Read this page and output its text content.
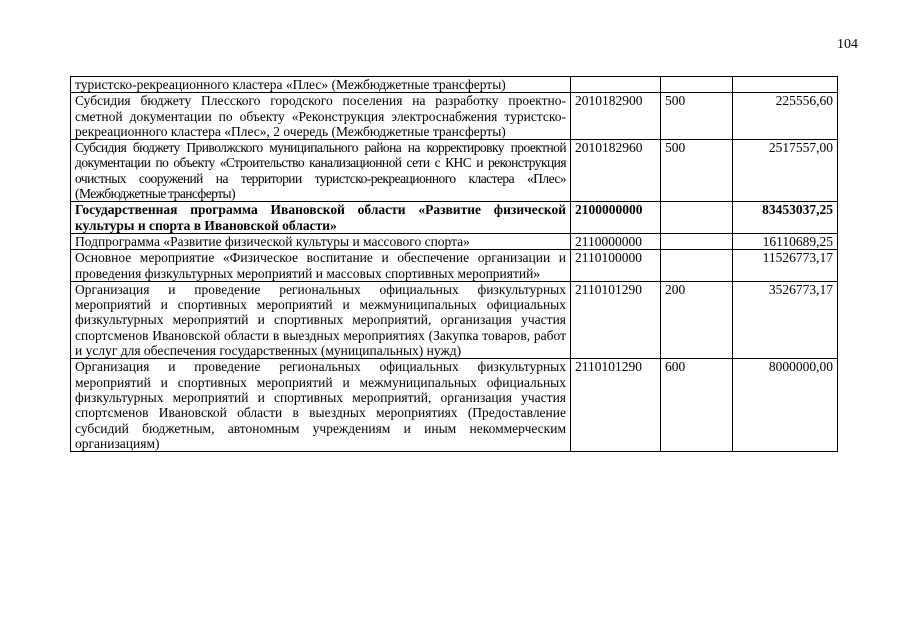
104
туристско-рекреационного кластера «Плес» (Межбюджетные трансферты)			
Субсидия бюджету Плесского городского поселения на разработку проектно-сметной документации по объекту «Реконструкция электроснабжения туристско-рекреационного кластера «Плес», 2 очередь (Межбюджетные трансферты)	2010182900	500	225556,60
Субсидия бюджету Приволжского муниципального района на корректировку проектной документации по объекту «Строительство канализационной сети с КНС и реконструкция очистных сооружений на территории туристско-рекреационного кластера «Плес» (Межбюджетные трансферты)	2010182960	500	2517557,00
Государственная программа Ивановской области «Развитие физической культуры и спорта в Ивановской области»	2100000000		83453037,25
Подпрограмма «Развитие физической культуры и массового спорта»	2110000000		16110689,25
Основное мероприятие «Физическое воспитание и обеспечение организации и проведения физкультурных мероприятий и массовых спортивных мероприятий»	2110100000		11526773,17
Организация и проведение региональных официальных физкультурных мероприятий и спортивных мероприятий и межмуниципальных официальных физкультурных мероприятий и спортивных мероприятий, организация участия спортсменов Ивановской области в выездных мероприятиях (Закупка товаров, работ и услуг для обеспечения государственных (муниципальных) нужд)	2110101290	200	3526773,17
Организация и проведение региональных официальных физкультурных мероприятий и спортивных мероприятий и межмуниципальных официальных физкультурных мероприятий и спортивных мероприятий, организация участия спортсменов Ивановской области в выездных мероприятиях (Предоставление субсидий бюджетным, автономным учреждениям и иным некоммерческим организациям)	2110101290	600	8000000,00
